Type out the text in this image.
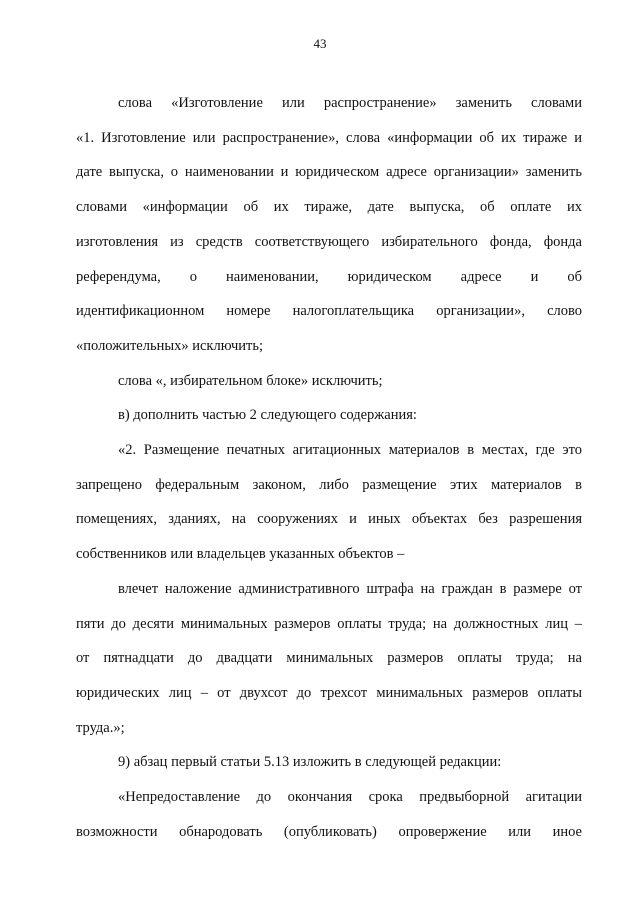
43
слова «Изготовление или распространение» заменить словами
«1. Изготовление или распространение», слова «информации об их тираже и
дате выпуска, о наименовании и юридическом адресе организации» заменить
словами «информации об их тираже, дате выпуска, об оплате их
изготовления из средств соответствующего избирательного фонда, фонда
референдума, о наименовании, юридическом адресе и об
идентификационном номере налогоплательщика организации», слово
«положительных» исключить;
слова «, избирательном блоке» исключить;
в) дополнить частью 2 следующего содержания:
«2. Размещение печатных агитационных материалов в местах, где это
запрещено федеральным законом, либо размещение этих материалов в
помещениях, зданиях, на сооружениях и иных объектах без разрешения
собственников или владельцев указанных объектов –
влечет наложение административного штрафа на граждан в размере от
пяти до десяти минимальных размеров оплаты труда; на должностных лиц –
от пятнадцати до двадцати минимальных размеров оплаты труда; на
юридических лиц – от двухсот до трехсот минимальных размеров оплаты
труда.»;
9) абзац первый статьи 5.13 изложить в следующей редакции:
«Непредоставление до окончания срока предвыборной агитации
возможности обнародовать (опубликовать) опровержение или иное
